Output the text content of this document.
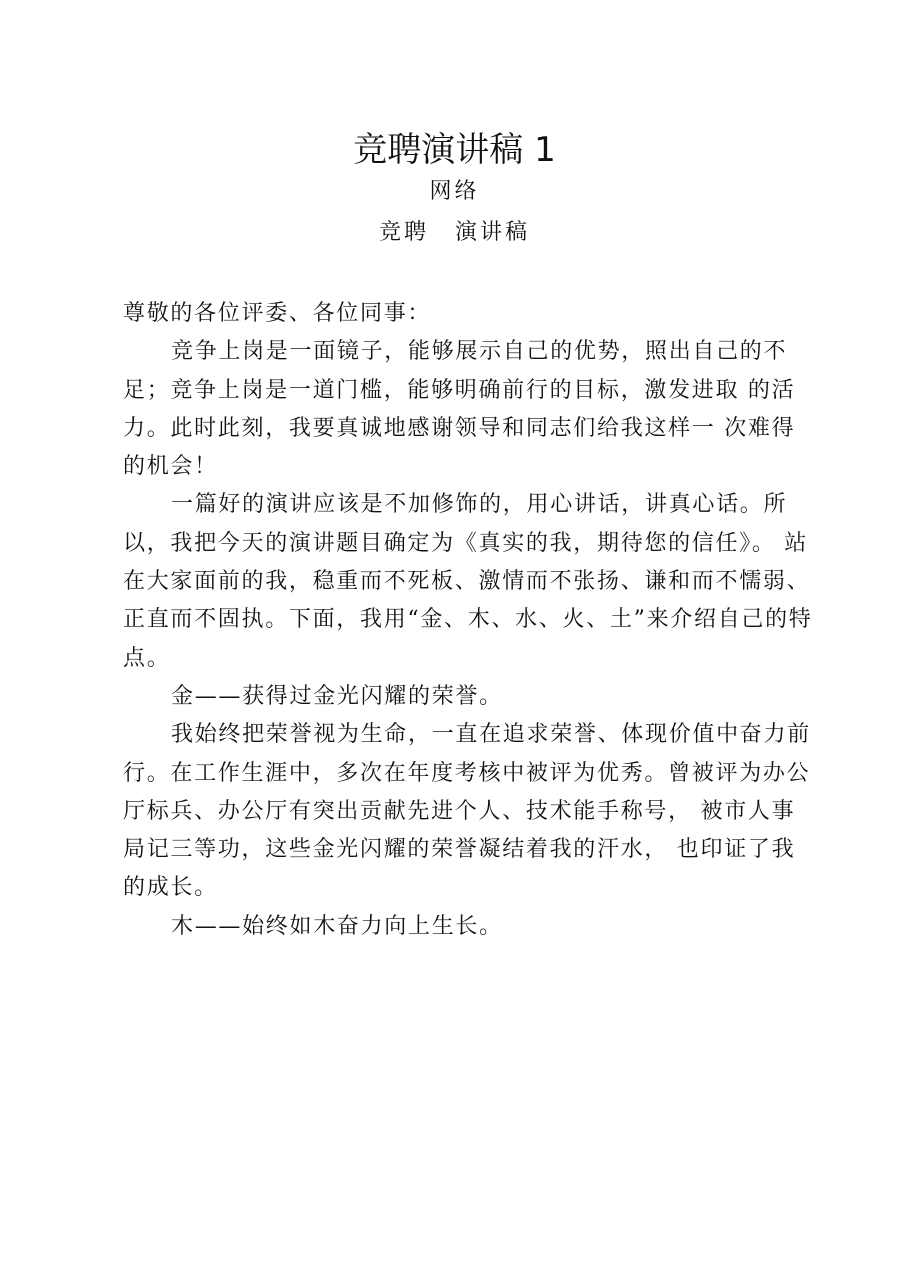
竞聘演讲稿 1
网络
竞聘 演讲稿

尊敬的各位评委、各位同事：

竞争上岗是一面镜子，能够展示自己的优势，照出自己的不足；竞争上岗是一道门槛，能够明确前行的目标，激发进取 的活力。此时此刻，我要真诚地感谢领导和同志们给我这样一 次难得的机会！

一篇好的演讲应该是不加修饰的，用心讲话，讲真心话。所以，我把今天的演讲题目确定为《真实的我，期待您的信任》。 站在大家面前的我，稳重而不死板、激情而不张扬、谦和而不懦弱、正直而不固执。下面，我用“金、木、水、火、土”来介绍自己的特点。

金——获得过金光闪耀的荣誉。

我始终把荣誉视为生命，一直在追求荣誉、体现价值中奋力前行。在工作生涯中，多次在年度考核中被评为优秀。曾被评为办公厅标兵、办公厅有突出贡献先进个人、技术能手称号， 被市人事局记三等功，这些金光闪耀的荣誉凝结着我的汗水， 也印证了我的成长。

木——始终如木奋力向上生长。
